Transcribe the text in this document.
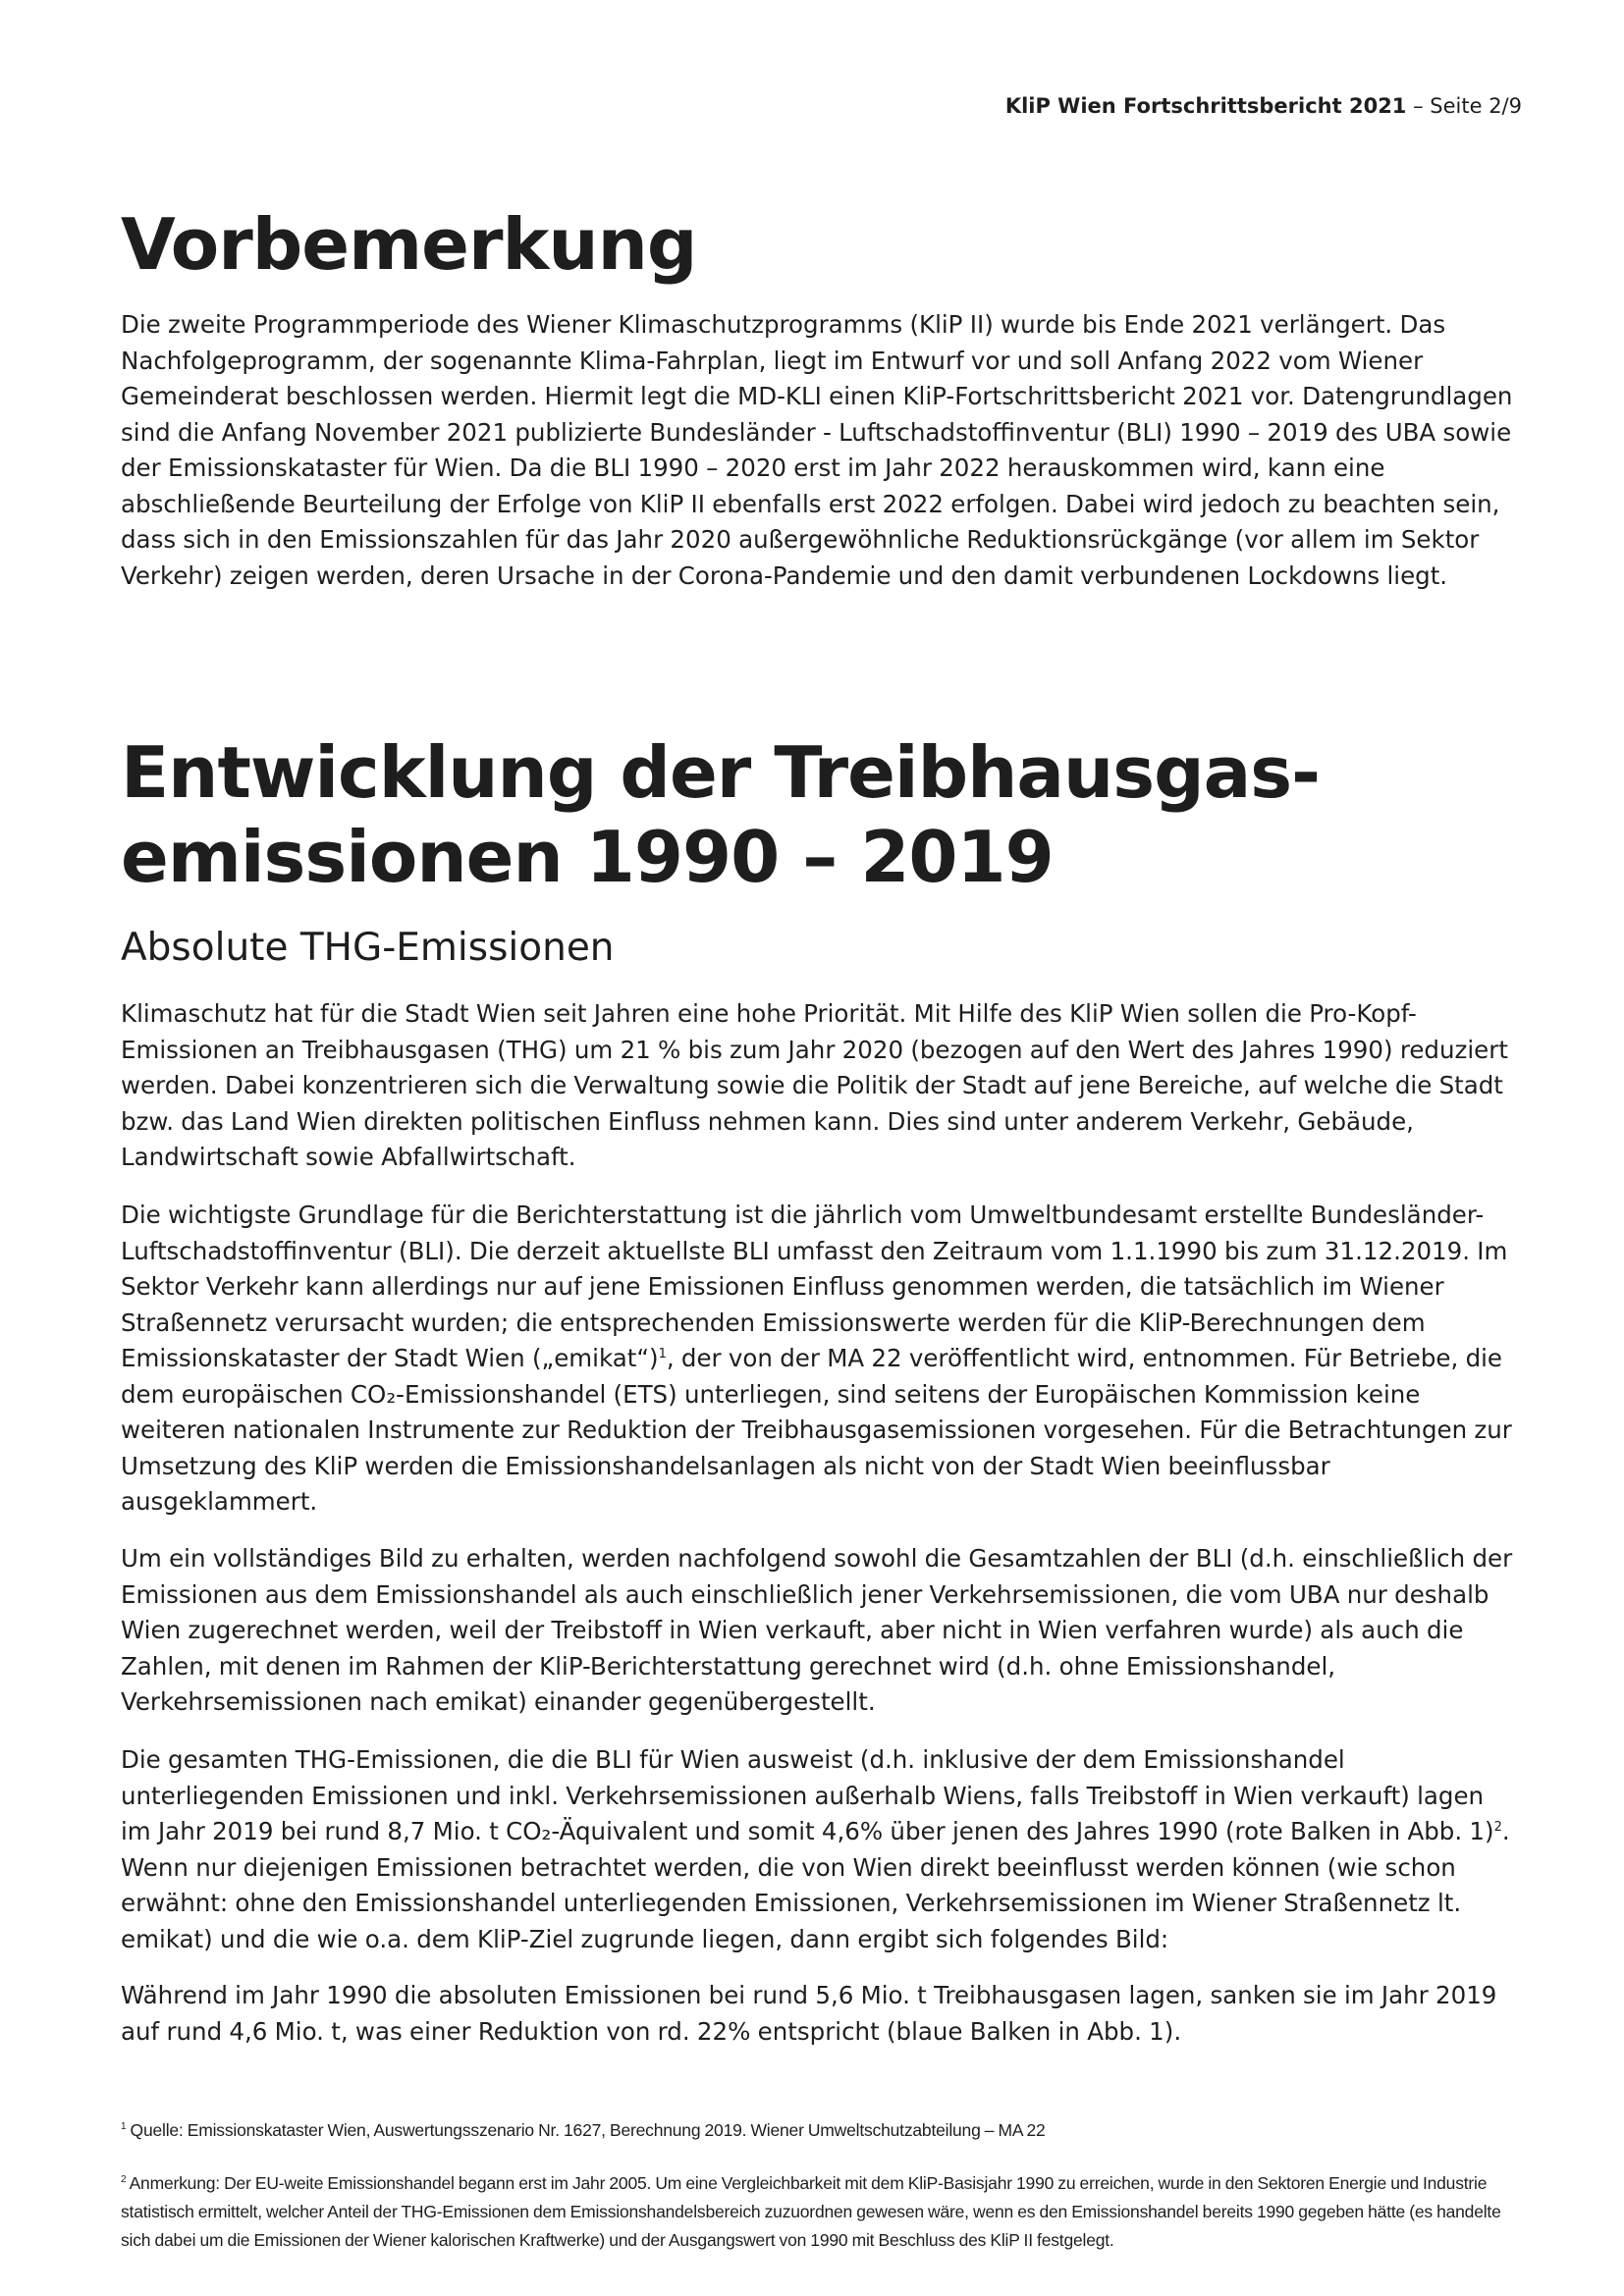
KliP Wien Fortschrittsbericht 2021 – Seite 2/9
Vorbemerkung

Die zweite Programmperiode des Wiener Klimaschutzprogramms (KliP II) wurde bis Ende 2021 verlängert. Das Nachfolgeprogramm, der sogenannte Klima-Fahrplan, liegt im Entwurf vor und soll Anfang 2022 vom Wiener Gemeinderat beschlossen werden. Hiermit legt die MD-KLI einen KliP-Fortschrittsbericht 2021 vor. Datengrundlagen sind die Anfang November 2021 publizierte Bundesländer - Luftschadstoffinventur (BLI) 1990 – 2019 des UBA sowie der Emissionskataster für Wien. Da die BLI 1990 – 2020 erst im Jahr 2022 herauskommen wird, kann eine abschließende Beurteilung der Erfolge von KliP II ebenfalls erst 2022 erfolgen. Dabei wird jedoch zu beachten sein, dass sich in den Emissionszahlen für das Jahr 2020 außergewöhnliche Reduktionsrückgänge (vor allem im Sektor Verkehr) zeigen werden, deren Ursache in der Corona-Pandemie und den damit verbundenen Lockdowns liegt.

Entwicklung der Treibhausgas-
emissionen 1990 – 2019
Absolute THG-Emissionen

Klimaschutz hat für die Stadt Wien seit Jahren eine hohe Priorität. Mit Hilfe des KliP Wien sollen die Pro-Kopf-Emissionen an Treibhausgasen (THG) um 21 % bis zum Jahr 2020 (bezogen auf den Wert des Jahres 1990) reduziert werden. Dabei konzentrieren sich die Verwaltung sowie die Politik der Stadt auf jene Bereiche, auf welche die Stadt bzw. das Land Wien direkten politischen Einfluss nehmen kann. Dies sind unter anderem Verkehr, Gebäude, Landwirtschaft sowie Abfallwirtschaft.

Die wichtigste Grundlage für die Berichterstattung ist die jährlich vom Umweltbundesamt erstellte Bundesländer- Luftschadstoffinventur (BLI). Die derzeit aktuellste BLI umfasst den Zeitraum vom 1.1.1990 bis zum 31.12.2019. Im Sektor Verkehr kann allerdings nur auf jene Emissionen Einfluss genommen werden, die tatsächlich im Wiener Straßennetz verursacht wurden; die entsprechenden Emissionswerte werden für die KliP-Berechnungen dem Emissionskataster der Stadt Wien („emikat“)$^1$, der von der MA 22 veröffentlicht wird, entnommen. Für Betriebe, die dem europäischen CO₂-Emissionshandel (ETS) unterliegen, sind seitens der Europäischen Kommission keine weiteren nationalen Instrumente zur Reduktion der Treibhausgasemissionen vorgesehen. Für die Betrachtungen zur Umsetzung des KliP werden die Emissionshandelsanlagen als nicht von der Stadt Wien beeinflussbar ausgeklammert.

Um ein vollständiges Bild zu erhalten, werden nachfolgend sowohl die Gesamtzahlen der BLI (d.h. einschließlich der Emissionen aus dem Emissionshandel als auch einschließlich jener Verkehrsemissionen, die vom UBA nur deshalb Wien zugerechnet werden, weil der Treibstoff in Wien verkauft, aber nicht in Wien verfahren wurde) als auch die Zahlen, mit denen im Rahmen der KliP-Berichterstattung gerechnet wird (d.h. ohne Emissionshandel, Verkehrsemissionen nach emikat) einander gegenübergestellt.

Die gesamten THG-Emissionen, die die BLI für Wien ausweist (d.h. inklusive der dem Emissionshandel unterliegenden Emissionen und inkl. Verkehrsemissionen außerhalb Wiens, falls Treibstoff in Wien verkauft) lagen im Jahr 2019 bei rund 8,7 Mio. t CO₂-Äquivalent und somit 4,6% über jenen des Jahres 1990 (rote Balken in Abb. 1)$^2$. Wenn nur diejenigen Emissionen betrachtet werden, die von Wien direkt beeinflusst werden können (wie schon erwähnt: ohne den Emissionshandel unterliegenden Emissionen, Verkehrsemissionen im Wiener Straßennetz lt. emikat) und die wie o.a. dem KliP-Ziel zugrunde liegen, dann ergibt sich folgendes Bild:

Während im Jahr 1990 die absoluten Emissionen bei rund 5,6 Mio. t Treibhausgasen lagen, sanken sie im Jahr 2019 auf rund 4,6 Mio. t, was einer Reduktion von rd. 22% entspricht (blaue Balken in Abb. 1).

$^1$ Quelle: Emissionskataster Wien, Auswertungsszenario Nr. 1627, Berechnung 2019. Wiener Umweltschutzabteilung – MA 22

$^2$ Anmerkung: Der EU-weite Emissionshandel begann erst im Jahr 2005. Um eine Vergleichbarkeit mit dem KliP-Basisjahr 1990 zu erreichen, wurde in den Sektoren Energie und Industrie statistisch ermittelt, welcher Anteil der THG-Emissionen dem Emissionshandelsbereich zuzuordnen gewesen wäre, wenn es den Emissionshandel bereits 1990 gegeben hätte (es handelte sich dabei um die Emissionen der Wiener kalorischen Kraftwerke) und der Ausgangswert von 1990 mit Beschluss des KliP II festgelegt.
